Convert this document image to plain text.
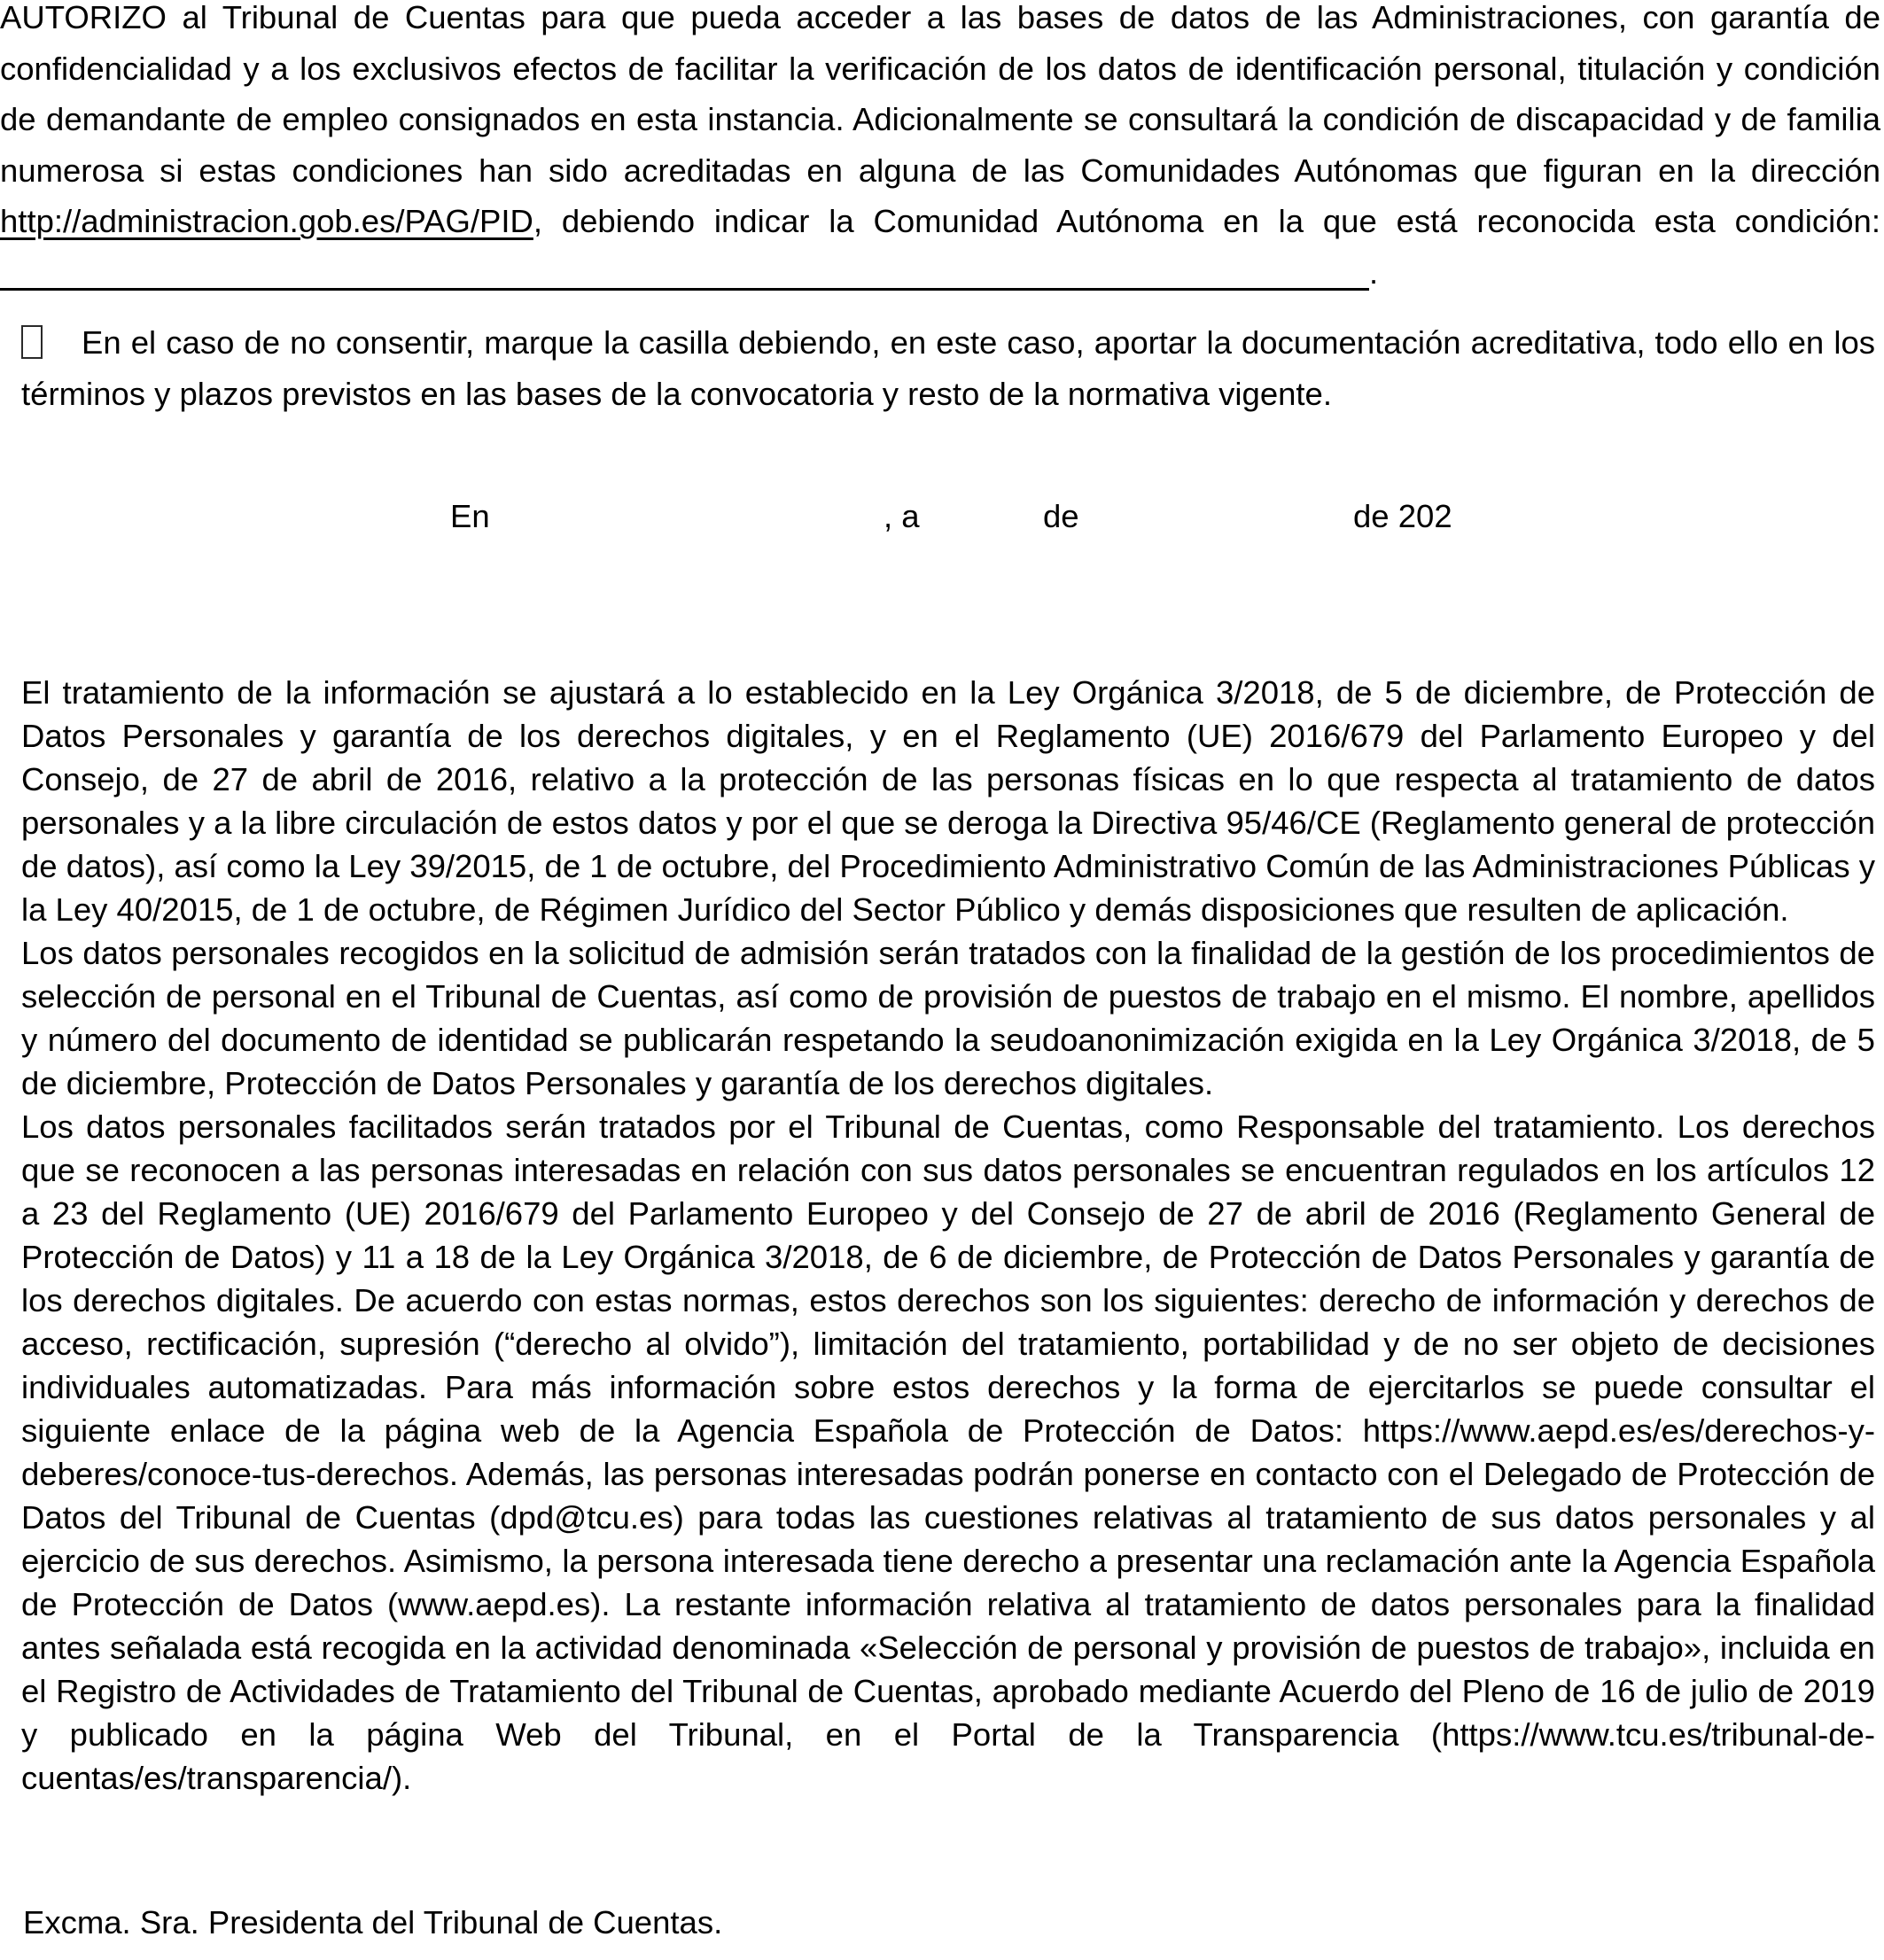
AUTORIZO al Tribunal de Cuentas para que pueda acceder a las bases de datos de las Administraciones, con garantía de confidencialidad y a los exclusivos efectos de facilitar la verificación de los datos de identificación personal, titulación y condición de demandante de empleo consignados en esta instancia. Adicionalmente se consultará la condición de discapacidad y de familia numerosa si estas condiciones han sido acreditadas en alguna de las Comunidades Autónomas que figuran en la dirección http://administracion.gob.es/PAG/PID, debiendo indicar la Comunidad Autónoma en la que está reconocida esta condición: .

En el caso de no consentir, marque la casilla debiendo, en este caso, aportar la documentación acreditativa, todo ello en los términos y plazos previstos en las bases de la convocatoria y resto de la normativa vigente.

En	, a	de	de 202

El tratamiento de la información se ajustará a lo establecido en la Ley Orgánica 3/2018, de 5 de diciembre, de Protección de Datos Personales y garantía de los derechos digitales, y en el Reglamento (UE) 2016/679 del Parlamento Europeo y del Consejo, de 27 de abril de 2016, relativo a la protección de las personas físicas en lo que respecta al tratamiento de datos personales y a la libre circulación de estos datos y por el que se deroga la Directiva 95/46/CE (Reglamento general de protección de datos), así como la Ley 39/2015, de 1 de octubre, del Procedimiento Administrativo Común de las Administraciones Públicas y la Ley 40/2015, de 1 de octubre, de Régimen Jurídico del Sector Público y demás disposiciones que resulten de aplicación.

Los datos personales recogidos en la solicitud de admisión serán tratados con la finalidad de la gestión de los procedimientos de selección de personal en el Tribunal de Cuentas, así como de provisión de puestos de trabajo en el mismo. El nombre, apellidos y número del documento de identidad se publicarán respetando la seudoanonimización exigida en la Ley Orgánica 3/2018, de 5 de diciembre, Protección de Datos Personales y garantía de los derechos digitales.

Los datos personales facilitados serán tratados por el Tribunal de Cuentas, como Responsable del tratamiento. Los derechos que se reconocen a las personas interesadas en relación con sus datos personales se encuentran regulados en los artículos 12 a 23 del Reglamento (UE) 2016/679 del Parlamento Europeo y del Consejo de 27 de abril de 2016 (Reglamento General de Protección de Datos) y 11 a 18 de la Ley Orgánica 3/2018, de 6 de diciembre, de Protección de Datos Personales y garantía de los derechos digitales. De acuerdo con estas normas, estos derechos son los siguientes: derecho de información y derechos de acceso, rectificación, supresión (“derecho al olvido”), limitación del tratamiento, portabilidad y de no ser objeto de decisiones individuales automatizadas. Para más información sobre estos derechos y la forma de ejercitarlos se puede consultar el siguiente enlace de la página web de la Agencia Española de Protección de Datos: https://www.aepd.es/es/derechos-y-deberes/conoce-tus-derechos. Además, las personas interesadas podrán ponerse en contacto con el Delegado de Protección de Datos del Tribunal de Cuentas (dpd@tcu.es) para todas las cuestiones relativas al tratamiento de sus datos personales y al ejercicio de sus derechos. Asimismo, la persona interesada tiene derecho a presentar una reclamación ante la Agencia Española de Protección de Datos (www.aepd.es). La restante información relativa al tratamiento de datos personales para la finalidad antes señalada está recogida en la actividad denominada «Selección de personal y provisión de puestos de trabajo», incluida en el Registro de Actividades de Tratamiento del Tribunal de Cuentas, aprobado mediante Acuerdo del Pleno de 16 de julio de 2019 y publicado en la página Web del Tribunal, en el Portal de la Transparencia (https://www.tcu.es/tribunal-de-cuentas/es/transparencia/).

Excma. Sra. Presidenta del Tribunal de Cuentas.
